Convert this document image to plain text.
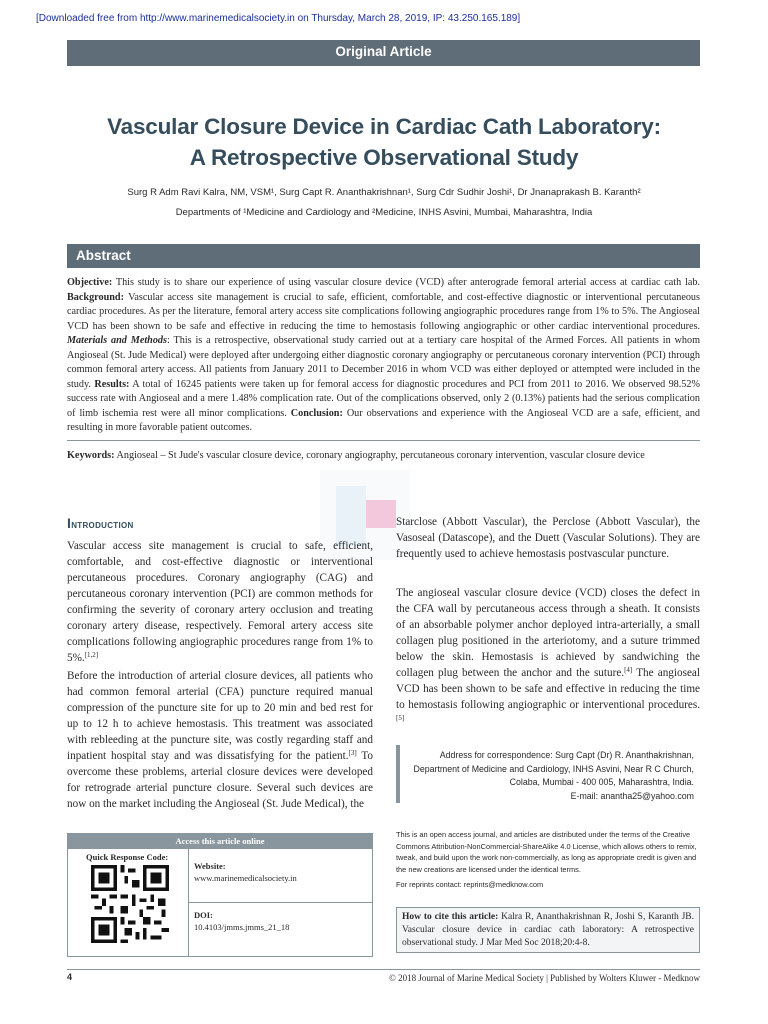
[Downloaded free from http://www.marinemedicalsociety.in on Thursday, March 28, 2019, IP: 43.250.165.189]
Original Article
Vascular Closure Device in Cardiac Cath Laboratory:
A Retrospective Observational Study
Surg R Adm Ravi Kalra, NM, VSM¹, Surg Capt R. Ananthakrishnan¹, Surg Cdr Sudhir Joshi¹, Dr Jnanaprakash B. Karanth²
Departments of ¹Medicine and Cardiology and ²Medicine, INHS Asvini, Mumbai, Maharashtra, India
Abstract
Objective: This study is to share our experience of using vascular closure device (VCD) after anterograde femoral arterial access at cardiac cath lab. Background: Vascular access site management is crucial to safe, efficient, comfortable, and cost-effective diagnostic or interventional percutaneous cardiac procedures. As per the literature, femoral artery access site complications following angiographic procedures range from 1% to 5%. The Angioseal VCD has been shown to be safe and effective in reducing the time to hemostasis following angiographic or other cardiac interventional procedures. Materials and Methods: This is a retrospective, observational study carried out at a tertiary care hospital of the Armed Forces. All patients in whom Angioseal (St. Jude Medical) were deployed after undergoing either diagnostic coronary angiography or percutaneous coronary intervention (PCI) through common femoral artery access. All patients from January 2011 to December 2016 in whom VCD was either deployed or attempted were included in the study. Results: A total of 16245 patients were taken up for femoral access for diagnostic procedures and PCI from 2011 to 2016. We observed 98.52% success rate with Angioseal and a mere 1.48% complication rate. Out of the complications observed, only 2 (0.13%) patients had the serious complication of limb ischemia rest were all minor complications. Conclusion: Our observations and experience with the Angioseal VCD are a safe, efficient, and resulting in more favorable patient outcomes.
Keywords: Angioseal – St Jude's vascular closure device, coronary angiography, percutaneous coronary intervention, vascular closure device
Introduction
Vascular access site management is crucial to safe, efficient, comfortable, and cost-effective diagnostic or interventional percutaneous procedures. Coronary angiography (CAG) and percutaneous coronary intervention (PCI) are common methods for confirming the severity of coronary artery occlusion and treating coronary artery disease, respectively. Femoral artery access site complications following angiographic procedures range from 1% to 5%.[1,2]
Before the introduction of arterial closure devices, all patients who had common femoral arterial (CFA) puncture required manual compression of the puncture site for up to 20 min and bed rest for up to 12 h to achieve hemostasis. This treatment was associated with rebleeding at the puncture site, was costly regarding staff and inpatient hospital stay and was dissatisfying for the patient.[3] To overcome these problems, arterial closure devices were developed for retrograde arterial puncture closure. Several such devices are now on the market including the Angioseal (St. Jude Medical), the
Starclose (Abbott Vascular), the Perclose (Abbott Vascular), the Vasoseal (Datascope), and the Duett (Vascular Solutions). They are frequently used to achieve hemostasis postvascular puncture.
The angioseal vascular closure device (VCD) closes the defect in the CFA wall by percutaneous access through a sheath. It consists of an absorbable polymer anchor deployed intra-arterially, a small collagen plug positioned in the arteriotomy, and a suture trimmed below the skin. Hemostasis is achieved by sandwiching the collagen plug between the anchor and the suture.[4] The angioseal VCD has been shown to be safe and effective in reducing the time to hemostasis following angiographic or interventional procedures.[5]
Address for correspondence: Surg Capt (Dr) R. Ananthakrishnan,
Department of Medicine and Cardiology, INHS Asvini, Near R C Church,
Colaba, Mumbai - 400 005, Maharashtra, India.
E-mail: anantha25@yahoo.com
Access this article online
Quick Response Code:
Website:
www.marinemedicalsociety.in
DOI:
10.4103/jmms.jmms_21_18
This is an open access journal, and articles are distributed under the terms of the Creative Commons Attribution-NonCommercial-ShareAlike 4.0 License, which allows others to remix, tweak, and build upon the work non-commercially, as long as appropriate credit is given and the new creations are licensed under the identical terms.
For reprints contact: reprints@medknow.com
How to cite this article: Kalra R, Ananthakrishnan R, Joshi S, Karanth JB. Vascular closure device in cardiac cath laboratory: A retrospective observational study. J Mar Med Soc 2018;20:4-8.
4	© 2018 Journal of Marine Medical Society | Published by Wolters Kluwer - Medknow
